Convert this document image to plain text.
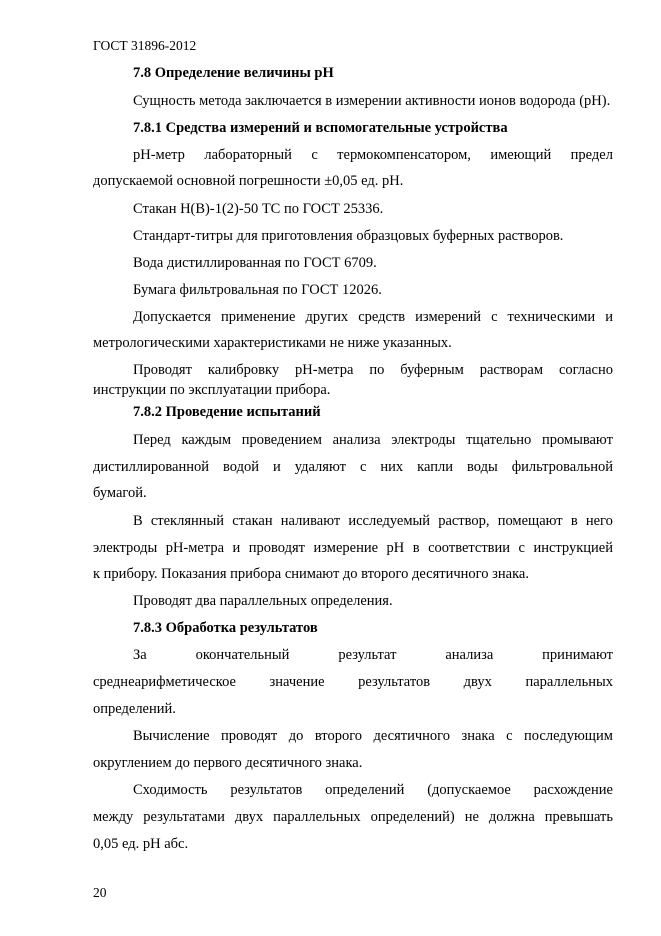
ГОСТ 31896-2012
7.8 Определение величины pH
Сущность метода заключается в измерении активности ионов водорода (pH).
7.8.1 Средства измерений и вспомогательные устройства
pH-метр лабораторный с термокомпенсатором, имеющий предел
допускаемой основной погрешности ±0,05 ед. pH.
Стакан Н(В)-1(2)-50 ТС по ГОСТ 25336.
Стандарт-титры для приготовления образцовых буферных растворов.
Вода дистиллированная по ГОСТ 6709.
Бумага фильтровальная по ГОСТ 12026.
Допускается применение других средств измерений с техническими и
метрологическими характеристиками не ниже указанных.
Проводят калибровку pH-метра по буферным растворам согласно
инструкции по эксплуатации прибора.
7.8.2 Проведение испытаний
Перед каждым проведением анализа электроды тщательно промывают
дистиллированной водой и удаляют с них капли воды фильтровальной
бумагой.
В стеклянный стакан наливают исследуемый раствор, помещают в него
электроды pH-метра и проводят измерение pH в соответствии с инструкцией
к прибору. Показания прибора снимают до второго десятичного знака.
Проводят два параллельных определения.
7.8.3 Обработка результатов
За	окончательный	результат	анализа	принимают
среднеарифметическое значение результатов двух параллельных
определений.
Вычисление проводят до второго десятичного знака с последующим
округлением до первого десятичного знака.
Сходимость результатов определений (допускаемое расхождение
между результатами двух параллельных определений) не должна превышать
0,05 ед. pH абс.
20
